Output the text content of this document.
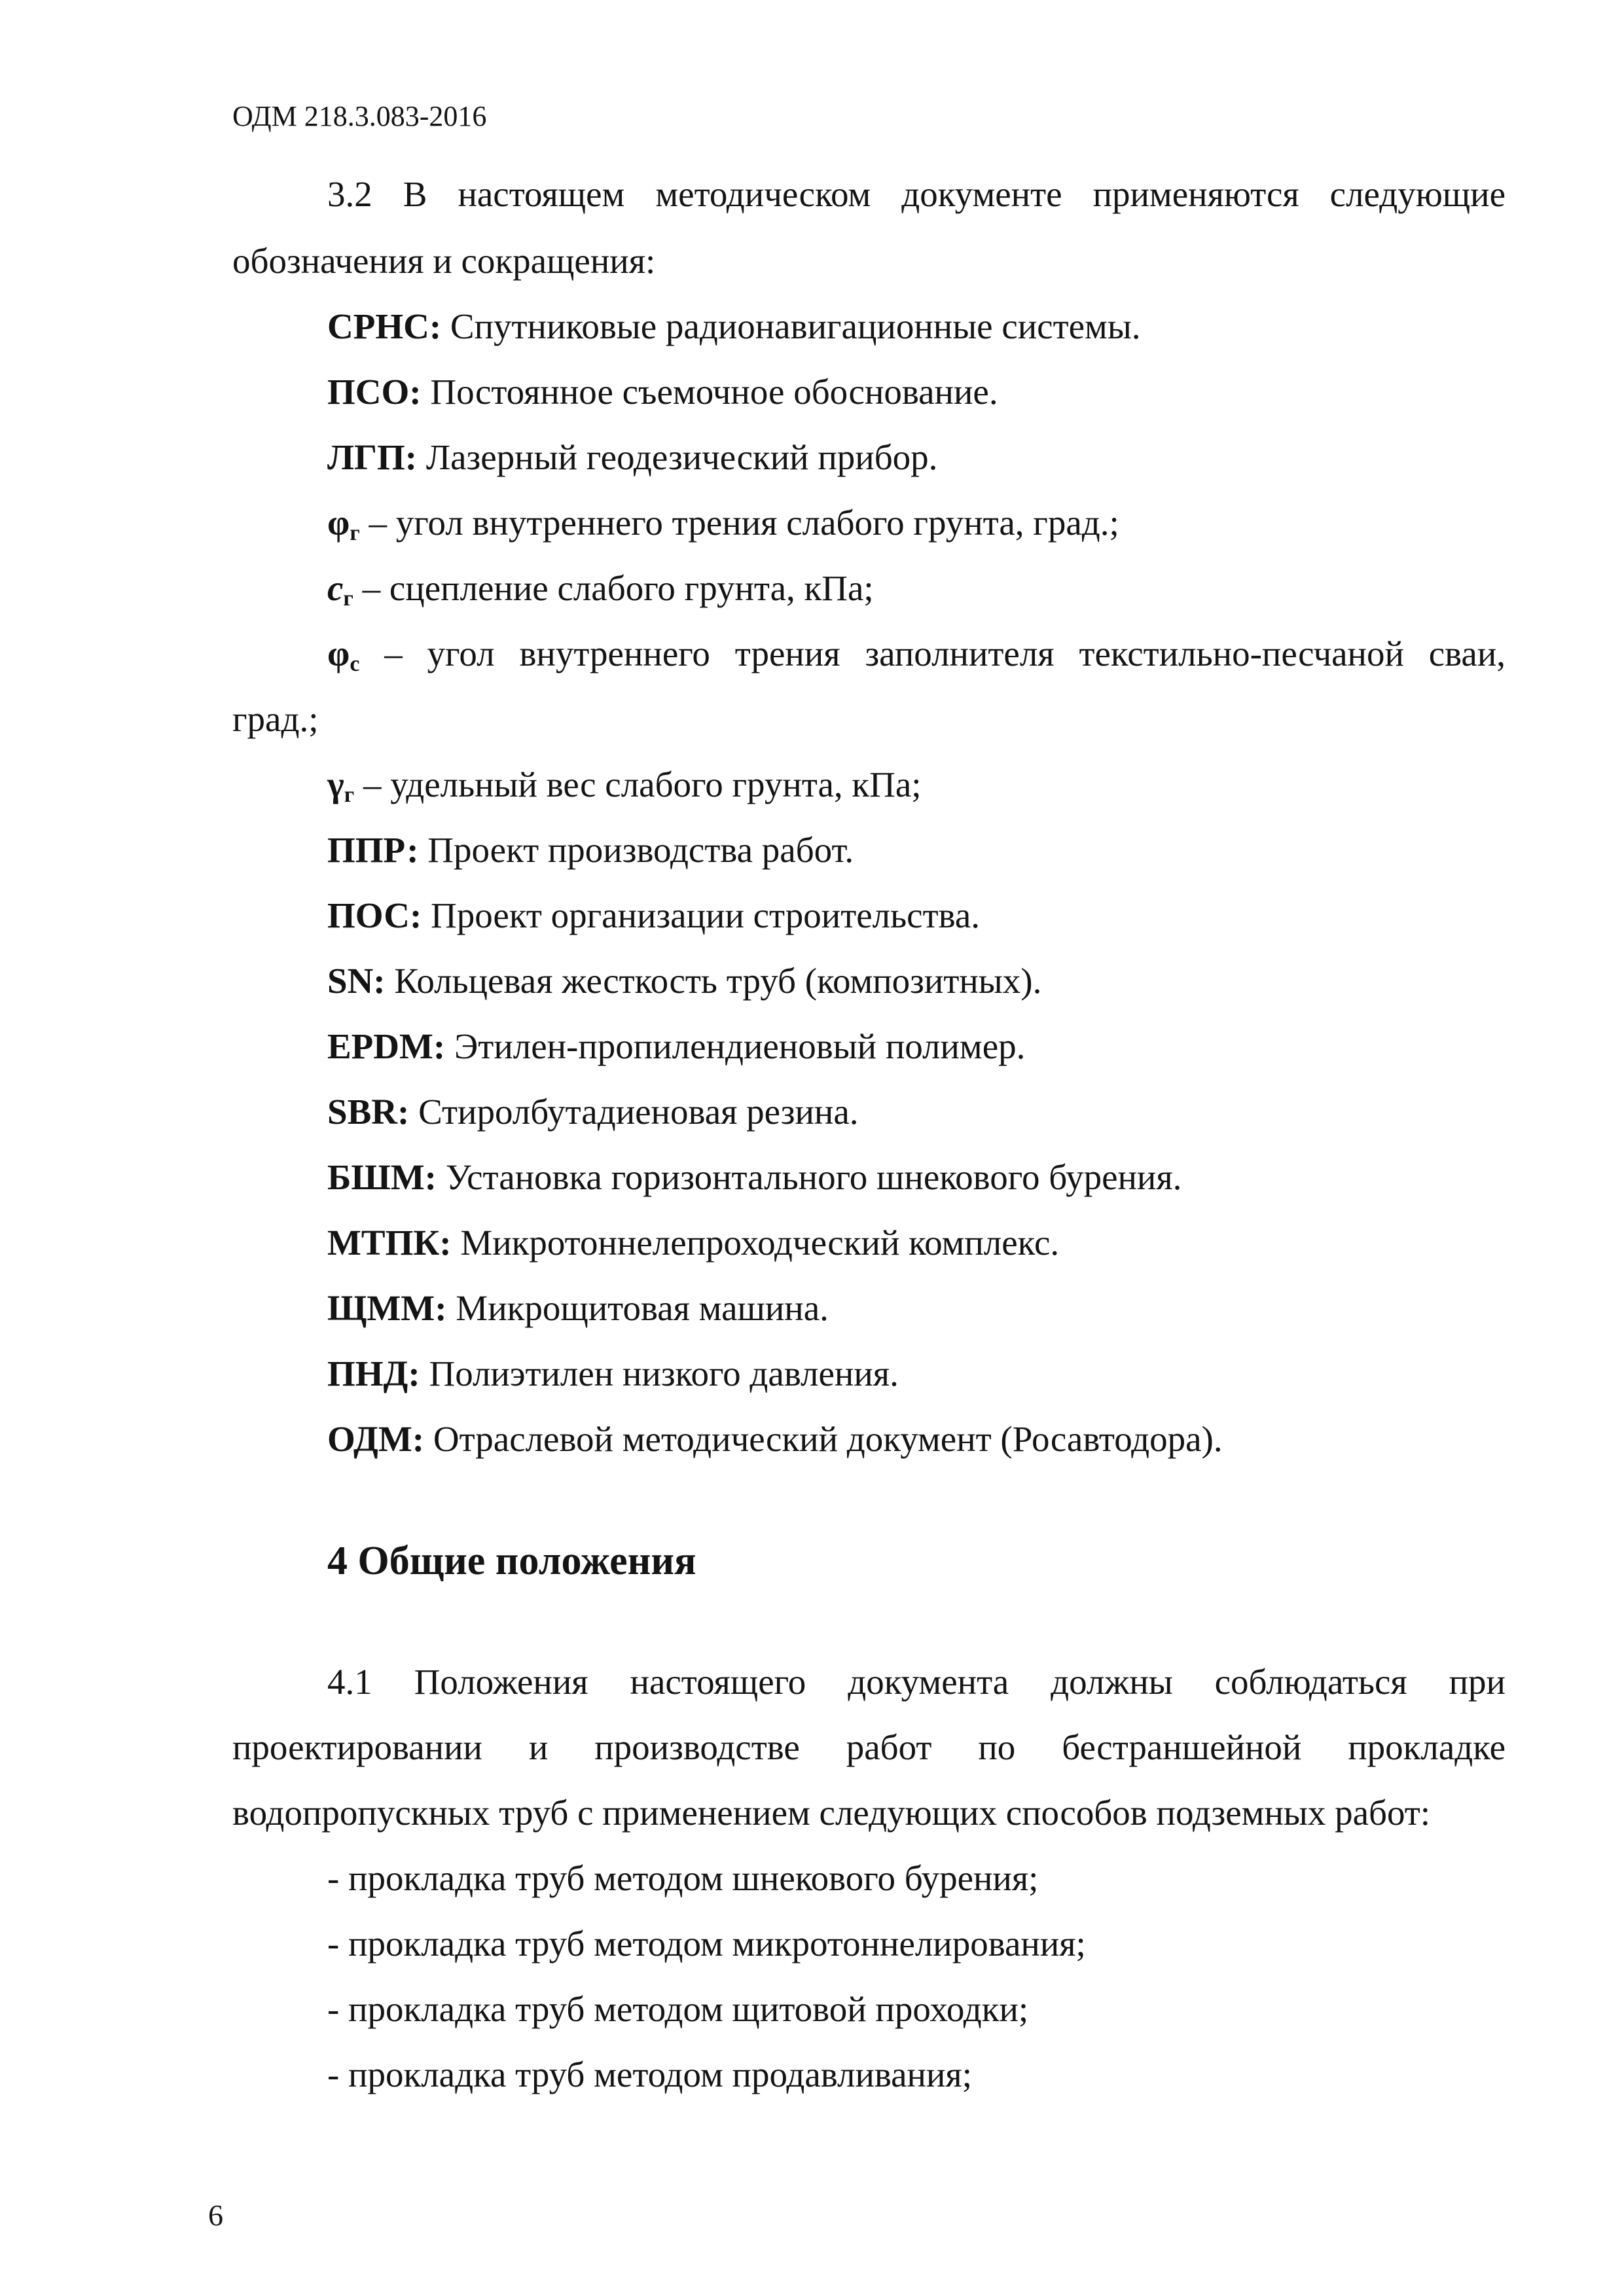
ОДМ 218.3.083-2016
3.2 В настоящем методическом документе применяются следующие
обозначения и сокращения:
СРНС: Спутниковые радионавигационные системы.
ПСО: Постоянное съемочное обоснование.
ЛГП: Лазерный геодезический прибор.
$\varphi_г$ – угол внутреннего трения слабого грунта, град.;
$с_г$ – сцепление слабого грунта, кПа;
$\varphi_с$ – угол внутреннего трения заполнителя текстильно-песчаной сваи,
град.;
$\gamma_г$ – удельный вес слабого грунта, кПа;
ППР: Проект производства работ.
ПОС: Проект организации строительства.
SN: Кольцевая жесткость труб (композитных).
EPDM: Этилен-пропилендиеновый полимер.
SBR: Стиролбутадиеновая резина.
БШМ: Установка горизонтального шнекового бурения.
МТПК: Микротоннелепроходческий комплекс.
ЩММ: Микрощитовая машина.
ПНД: Полиэтилен низкого давления.
ОДМ: Отраслевой методический документ (Росавтодора).
4 Общие положения
4.1 Положения настоящего документа должны соблюдаться при
проектировании и производстве работ по бестраншейной прокладке
водопропускных труб с применением следующих способов подземных работ:
- прокладка труб методом шнекового бурения;
- прокладка труб методом микротоннелирования;
- прокладка труб методом щитовой проходки;
- прокладка труб методом продавливания;
6
